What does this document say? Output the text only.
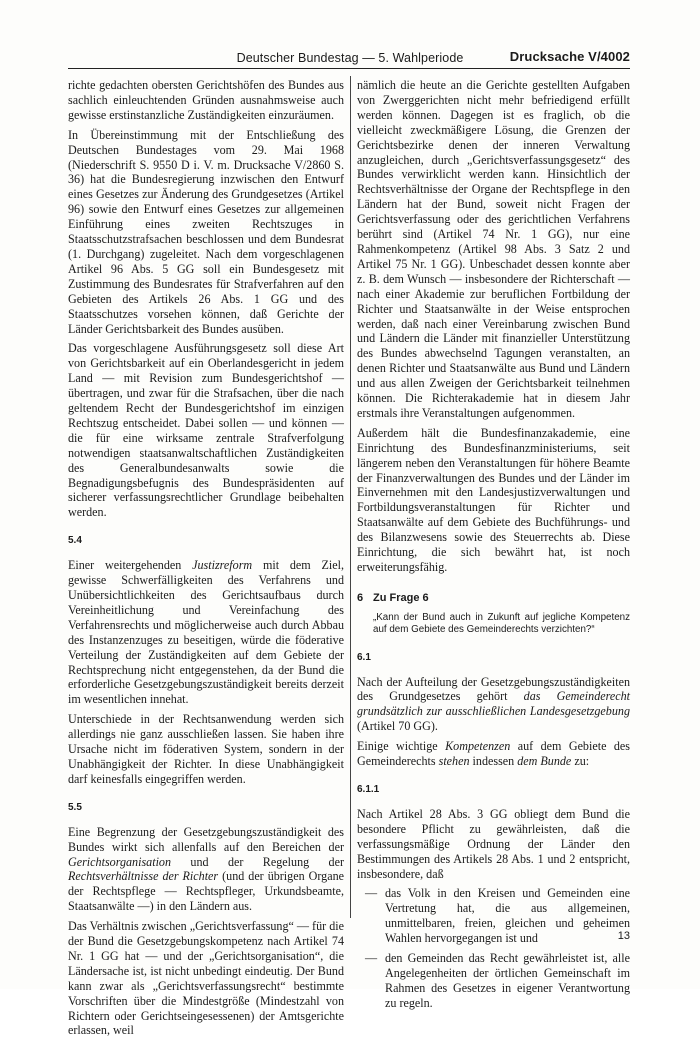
Deutscher Bundestag — 5. Wahlperiode	Drucksache V/4002

richte gedachten obersten Gerichtshöfen des Bundes aus sachlich einleuchtenden Gründen ausnahmsweise auch gewisse erstinstanzliche Zuständigkeiten einzuräumen.

In Übereinstimmung mit der Entschließung des Deutschen Bundestages vom 29. Mai 1968 (Niederschrift S. 9550 D i. V. m. Drucksache V/2860 S. 36) hat die Bundesregierung inzwischen den Entwurf eines Gesetzes zur Änderung des Grundgesetzes (Artikel 96) sowie den Entwurf eines Gesetzes zur allgemeinen Einführung eines zweiten Rechtszuges in Staatsschutzstrafsachen beschlossen und dem Bundesrat (1. Durchgang) zugeleitet. Nach dem vorgeschlagenen Artikel 96 Abs. 5 GG soll ein Bundesgesetz mit Zustimmung des Bundesrates für Strafverfahren auf den Gebieten des Artikels 26 Abs. 1 GG und des Staatsschutzes vorsehen können, daß Gerichte der Länder Gerichtsbarkeit des Bundes ausüben.

Das vorgeschlagene Ausführungsgesetz soll diese Art von Gerichtsbarkeit auf ein Oberlandesgericht in jedem Land — mit Revision zum Bundesgerichtshof — übertragen, und zwar für die Strafsachen, über die nach geltendem Recht der Bundesgerichtshof im einzigen Rechtszug entscheidet. Dabei sollen — und können — die für eine wirksame zentrale Strafverfolgung notwendigen staatsanwaltschaftlichen Zuständigkeiten des Generalbundesanwalts sowie die Begnadigungsbefugnis des Bundespräsidenten auf sicherer verfassungsrechtlicher Grundlage beibehalten werden.

5.4

Einer weitergehenden Justizreform mit dem Ziel, gewisse Schwerfälligkeiten des Verfahrens und Unübersichtlichkeiten des Gerichtsaufbaus durch Vereinheitlichung und Vereinfachung des Verfahrensrechts und möglicherweise auch durch Abbau des Instanzenzuges zu beseitigen, würde die föderative Verteilung der Zuständigkeiten auf dem Gebiete der Rechtsprechung nicht entgegenstehen, da der Bund die erforderliche Gesetzgebungszuständigkeit bereits derzeit im wesentlichen innehat.

Unterschiede in der Rechtsanwendung werden sich allerdings nie ganz ausschließen lassen. Sie haben ihre Ursache nicht im föderativen System, sondern in der Unabhängigkeit der Richter. In diese Unabhängigkeit darf keinesfalls eingegriffen werden.

5.5

Eine Begrenzung der Gesetzgebungszuständigkeit des Bundes wirkt sich allenfalls auf den Bereichen der Gerichtsorganisation und der Regelung der Rechtsverhältnisse der Richter (und der übrigen Organe der Rechtspflege — Rechtspfleger, Urkundsbeamte, Staatsanwälte —) in den Ländern aus.

Das Verhältnis zwischen „Gerichtsverfassung“ — für die der Bund die Gesetzgebungskompetenz nach Artikel 74 Nr. 1 GG hat — und der „Gerichtsorganisation“, die Ländersache ist, ist nicht unbedingt eindeutig. Der Bund kann zwar als „Gerichtsverfassungsrecht“ bestimmte Vorschriften über die Mindestgröße (Mindestzahl von Richtern oder Gerichtseingesessenen) der Amtsgerichte erlassen, weil

nämlich die heute an die Gerichte gestellten Aufgaben von Zwerggerichten nicht mehr befriedigend erfüllt werden können. Dagegen ist es fraglich, ob die vielleicht zweckmäßigere Lösung, die Grenzen der Gerichtsbezirke denen der inneren Verwaltung anzugleichen, durch „Gerichtsverfassungsgesetz“ des Bundes verwirklicht werden kann. Hinsichtlich der Rechtsverhältnisse der Organe der Rechtspflege in den Ländern hat der Bund, soweit nicht Fragen der Gerichtsverfassung oder des gerichtlichen Verfahrens berührt sind (Artikel 74 Nr. 1 GG), nur eine Rahmenkompetenz (Artikel 98 Abs. 3 Satz 2 und Artikel 75 Nr. 1 GG). Unbeschadet dessen konnte aber z. B. dem Wunsch — insbesondere der Richterschaft — nach einer Akademie zur beruflichen Fortbildung der Richter und Staatsanwälte in der Weise entsprochen werden, daß nach einer Vereinbarung zwischen Bund und Ländern die Länder mit finanzieller Unterstützung des Bundes abwechselnd Tagungen veranstalten, an denen Richter und Staatsanwälte aus Bund und Ländern und aus allen Zweigen der Gerichtsbarkeit teilnehmen können. Die Richterakademie hat in diesem Jahr erstmals ihre Veranstaltungen aufgenommen.

Außerdem hält die Bundesfinanzakademie, eine Einrichtung des Bundesfinanzministeriums, seit längerem neben den Veranstaltungen für höhere Beamte der Finanzverwaltungen des Bundes und der Länder im Einvernehmen mit den Landesjustizverwaltungen und Fortbildungsveranstaltungen für Richter und Staatsanwälte auf dem Gebiete des Buchführungs- und des Bilanzwesens sowie des Steuerrechts ab. Diese Einrichtung, die sich bewährt hat, ist noch erweiterungsfähig.

6 Zu Frage 6
„Kann der Bund auch in Zukunft auf jegliche Kompetenz auf dem Gebiete des Gemeinderechts verzichten?“
6.1

Nach der Aufteilung der Gesetzgebungszuständigkeiten des Grundgesetzes gehört das Gemeinderecht grundsätzlich zur ausschließlichen Landesgesetzgebung (Artikel 70 GG).

Einige wichtige Kompetenzen auf dem Gebiete des Gemeinderechts stehen indessen dem Bunde zu:

6.1.1

Nach Artikel 28 Abs. 3 GG obliegt dem Bund die besondere Pflicht zu gewährleisten, daß die verfassungsmäßige Ordnung der Länder den Bestimmungen des Artikels 28 Abs. 1 und 2 entspricht, insbesondere, daß

— das Volk in den Kreisen und Gemeinden eine Vertretung hat, die aus allgemeinen, unmittelbaren, freien, gleichen und geheimen Wahlen hervorgegangen ist und
— den Gemeinden das Recht gewährleistet ist, alle Angelegenheiten der örtlichen Gemeinschaft im Rahmen des Gesetzes in eigener Verantwortung zu regeln.
13
